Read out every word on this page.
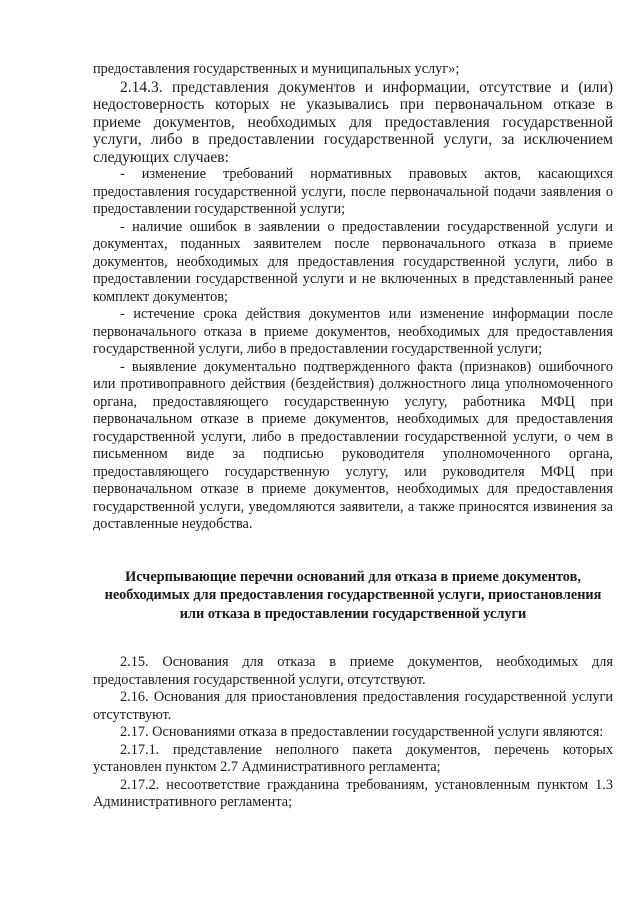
предоставления государственных и муниципальных услуг»;

2.14.3. представления документов и информации, отсутствие и (или) недостоверность которых не указывались при первоначальном отказе в приеме документов, необходимых для предоставления государственной услуги, либо в предоставлении государственной услуги, за исключением следующих случаев:

- изменение требований нормативных правовых актов, касающихся предоставления государственной услуги, после первоначальной подачи заявления о предоставлении государственной услуги;

- наличие ошибок в заявлении о предоставлении государственной услуги и документах, поданных заявителем после первоначального отказа в приеме документов, необходимых для предоставления государственной услуги, либо в предоставлении государственной услуги и не включенных в представленный ранее комплект документов;

- истечение срока действия документов или изменение информации после первоначального отказа в приеме документов, необходимых для предоставления государственной услуги, либо в предоставлении государственной услуги;

- выявление документально подтвержденного факта (признаков) ошибочного или противоправного действия (бездействия) должностного лица уполномоченного органа, предоставляющего государственную услугу, работника МФЦ при первоначальном отказе в приеме документов, необходимых для предоставления государственной услуги, либо в предоставлении государственной услуги, о чем в письменном виде за подписью руководителя уполномоченного органа, предоставляющего государственную услугу, или руководителя МФЦ при первоначальном отказе в приеме документов, необходимых для предоставления государственной услуги, уведомляются заявители, а также приносятся извинения за доставленные неудобства.

Исчерпывающие перечни оснований для отказа в приеме документов, необходимых для предоставления государственной услуги, приостановления или отказа в предоставлении государственной услуги

2.15. Основания для отказа в приеме документов, необходимых для предоставления государственной услуги, отсутствуют.

2.16. Основания для приостановления предоставления государственной услуги отсутствуют.

2.17. Основаниями отказа в предоставлении государственной услуги являются:

2.17.1. представление неполного пакета документов, перечень которых установлен пунктом 2.7 Административного регламента;

2.17.2. несоответствие гражданина требованиям, установленным пунктом 1.3 Административного регламента;
